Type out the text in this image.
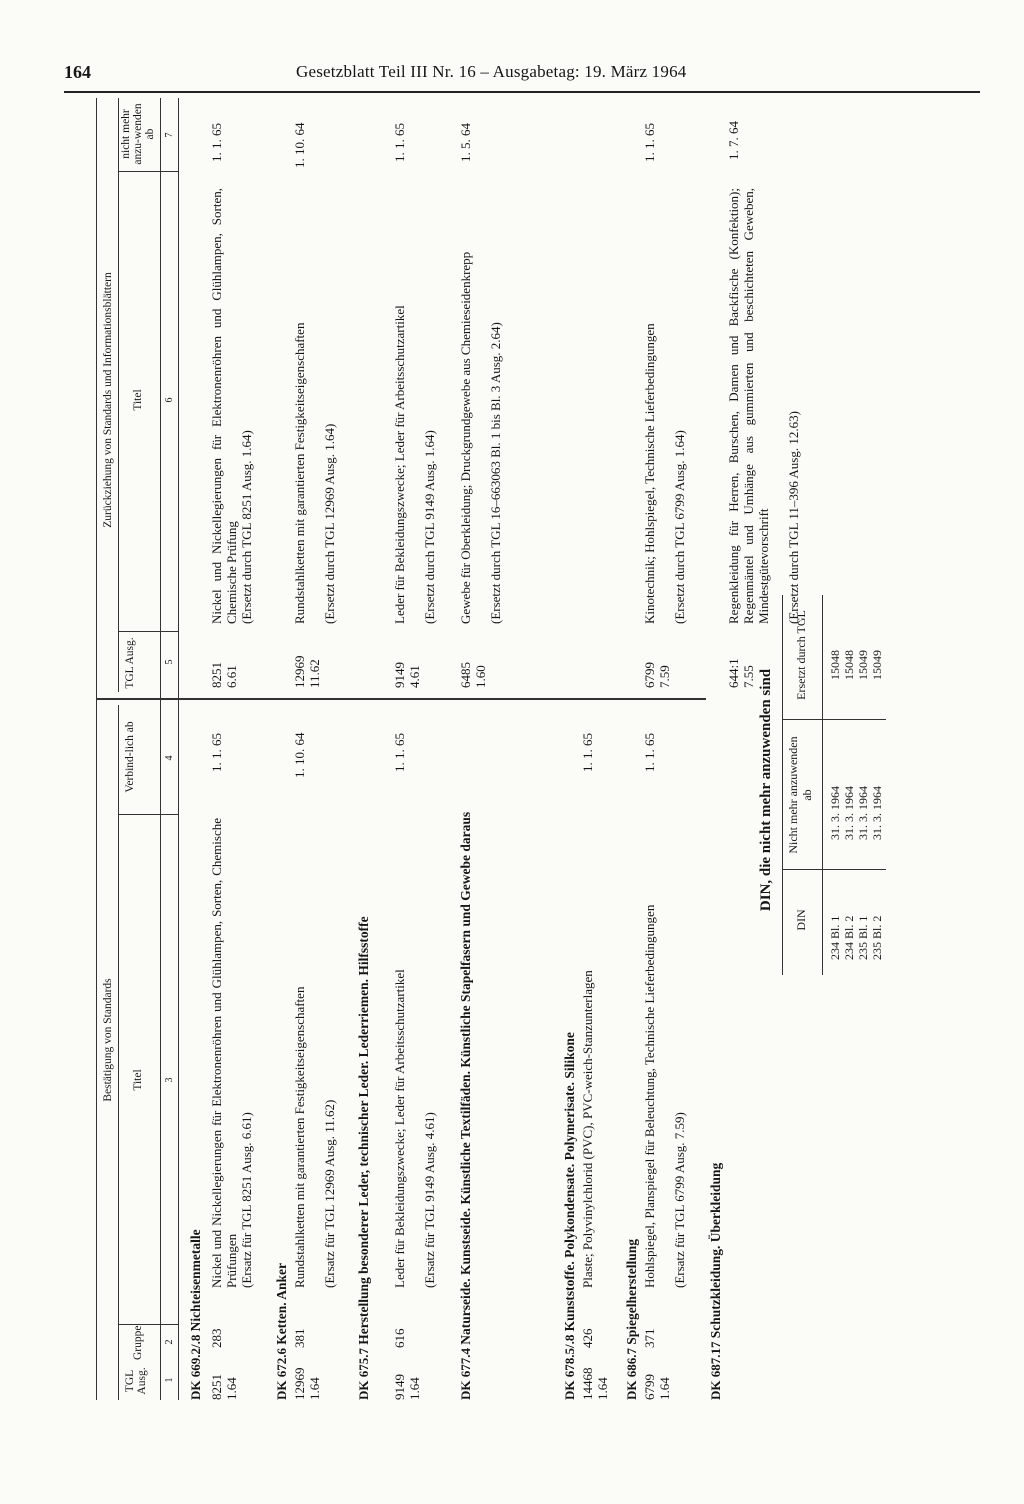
164	Gesetzblatt Teil III Nr. 16 – Ausgabetag: 19. März 1964
Bestätigung von Standards
Zurückziehung von Standards und Informationsblättern
TGL Ausg.
Gruppe
Titel
Verbind-lich ab
TGL Ausg.
Titel
nicht mehr anzu-wenden ab
1
2
3
4
5
6
7
DK 669.2/.8 Nichteisenmetalle
8251 1.64
283
Nickel und Nickellegierungen für Elektronenröhren und Glühlampen, Sorten, Chemische Prüfungen (Ersatz für TGL 8251 Ausg. 6.61)
1. 1. 65
8251 6.61
Nickel und Nickellegierungen für Elektronenröhren und Glühlampen, Sorten, Chemische Prüfung (Ersetzt durch TGL 8251 Ausg. 1.64)
1. 1. 65
DK 672.6 Ketten. Anker
12969 1.64
381
Rundstahlketten mit garantierten Festigkeitseigenschaften (Ersatz für TGL 12969 Ausg. 11.62)
1. 10. 64
12969 11.62
Rundstahlketten mit garantierten Festigkeitseigenschaften (Ersetzt durch TGL 12969 Ausg. 1.64)
1. 10. 64
DK 675.7 Herstellung besonderer Leder, technischer Leder. Lederriemen. Hilfsstoffe
9149 1.64
616
Leder für Bekleidungszwecke; Leder für Arbeitsschutzartikel (Ersatz für TGL 9149 Ausg. 4.61)
1. 1. 65
9149 4.61
Leder für Bekleidungszwecke; Leder für Arbeitsschutzartikel (Ersetzt durch TGL 9149 Ausg. 1.64)
1. 1. 65
DK 677.4 Naturseide. Kunstseide. Künstliche Textilfäden. Künstliche Stapelfasern und Gewebe daraus
6485 1.60
Gewebe für Oberkleidung; Druckgrundgewebe aus Chemieseidenkrepp (Ersetzt durch TGL 16–663063 Bl. 1 bis Bl. 3 Ausg. 2.64)
1. 5. 64
DK 678.5/.8 Kunststoffe. Polykondensate. Polymerisate. Silikone
14468 1.64
426
Plaste; Polyvinylchlorid (PVC), PVC-weich-Stanzunterlagen
1. 1. 65
DK 686.7 Spiegelherstellung
6799 1.64
371
Hohlspiegel, Planspiegel für Beleuchtung, Technische Lieferbedingungen (Ersatz für TGL 6799 Ausg. 7.59)
1. 1. 65
6799 7.59
Kinotechnik; Hohlspiegel, Technische Lieferbedingungen (Ersetzt durch TGL 6799 Ausg. 1.64)
1. 1. 65
DK 687.17 Schutzkleidung. Überkleidung
644:1 7.55
Regenkleidung für Herren, Burschen, Damen und Backfische (Konfektion); Regenmäntel und Umhänge aus gummierten und beschichteten Geweben, Mindestgütevorschrift (Ersetzt durch TGL 11–396 Ausg. 12.63)
1. 7. 64
DIN, die nicht mehr anzuwenden sind
DIN
Nicht mehr anzuwenden ab
Ersetzt durch TGL
234 Bl. 1
31. 3. 1964
15048
234 Bl. 2
31. 3. 1964
15048
235 Bl. 1
31. 3. 1964
15049
235 Bl. 2
31. 3. 1964
15049
